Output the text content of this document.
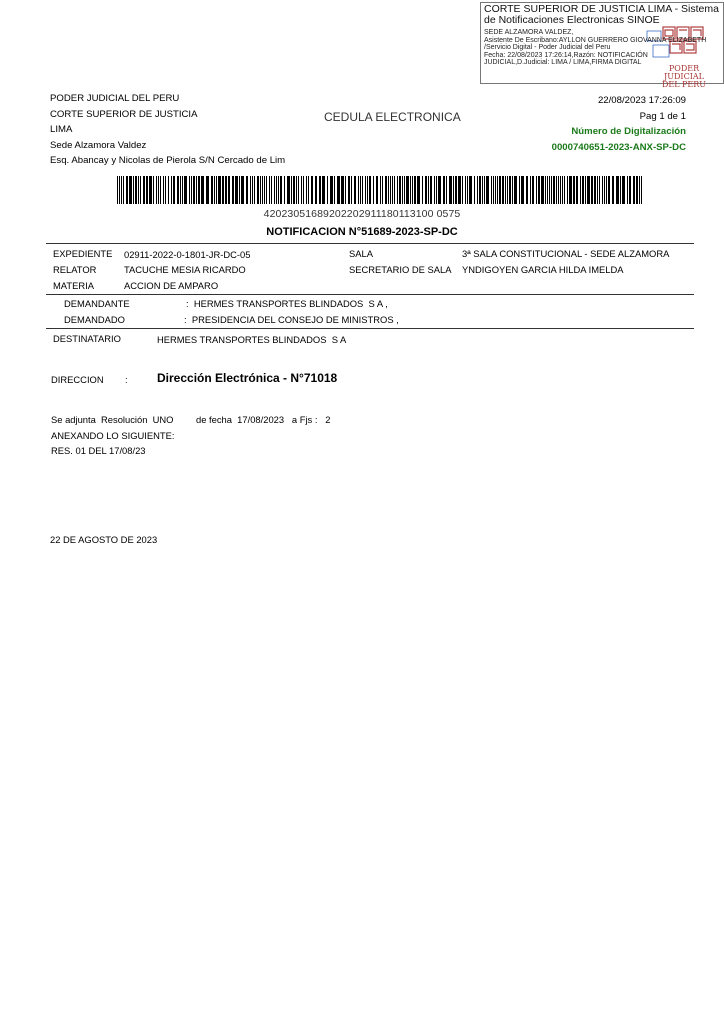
CORTE SUPERIOR DE JUSTICIA LIMA - Sistema de Notificaciones Electronicas SINOE
PODER JUDICIAL
DEL PERU
SEDE ALZAMORA VALDEZ,
Asistente De Escribano:AYLLON GUERRERO GIOVANNA ELIZABETH
/Servicio Digital - Poder Judicial del Peru
Fecha: 22/08/2023 17:26:14,Razón: NOTIFICACIÓN
JUDICIAL,D.Judicial: LIMA / LIMA,FIRMA DIGITAL
PODER JUDICIAL DEL PERU
CORTE SUPERIOR DE JUSTICIA
LIMA
Sede Alzamora Valdez
Esq. Abancay y Nicolas de Pierola S/N Cercado de Lim
CEDULA ELECTRONICA
22/08/2023 17:26:09
Pag 1 de 1
Número de Digitalización
0000740651-2023-ANX-SP-DC
42023051689202202911180113100 0575
NOTIFICACION N°51689-2023-SP-DC
EXPEDIENTE 02911-2022-0-1801-JR-DC-05	SALA	3ª SALA CONSTITUCIONAL - SEDE ALZAMORA
RELATOR	TACUCHE MESIA RICARDO	SECRETARIO DE SALA YNDIGOYEN GARCIA HILDA IMELDA
MATERIA	ACCION DE AMPARO
DEMANDANTE	:  HERMES TRANSPORTES BLINDADOS  S A ,
DEMANDADO	:  PRESIDENCIA DEL CONSEJO DE MINISTROS ,
DESTINATARIO	HERMES TRANSPORTES BLINDADOS  S A
DIRECCION : Dirección Electrónica - N°71018
Se adjunta  Resolución  UNO de fecha  17/08/2023   a Fjs :   2
ANEXANDO LO SIGUIENTE:
RES. 01 DEL 17/08/23
22 DE AGOSTO DE 2023
